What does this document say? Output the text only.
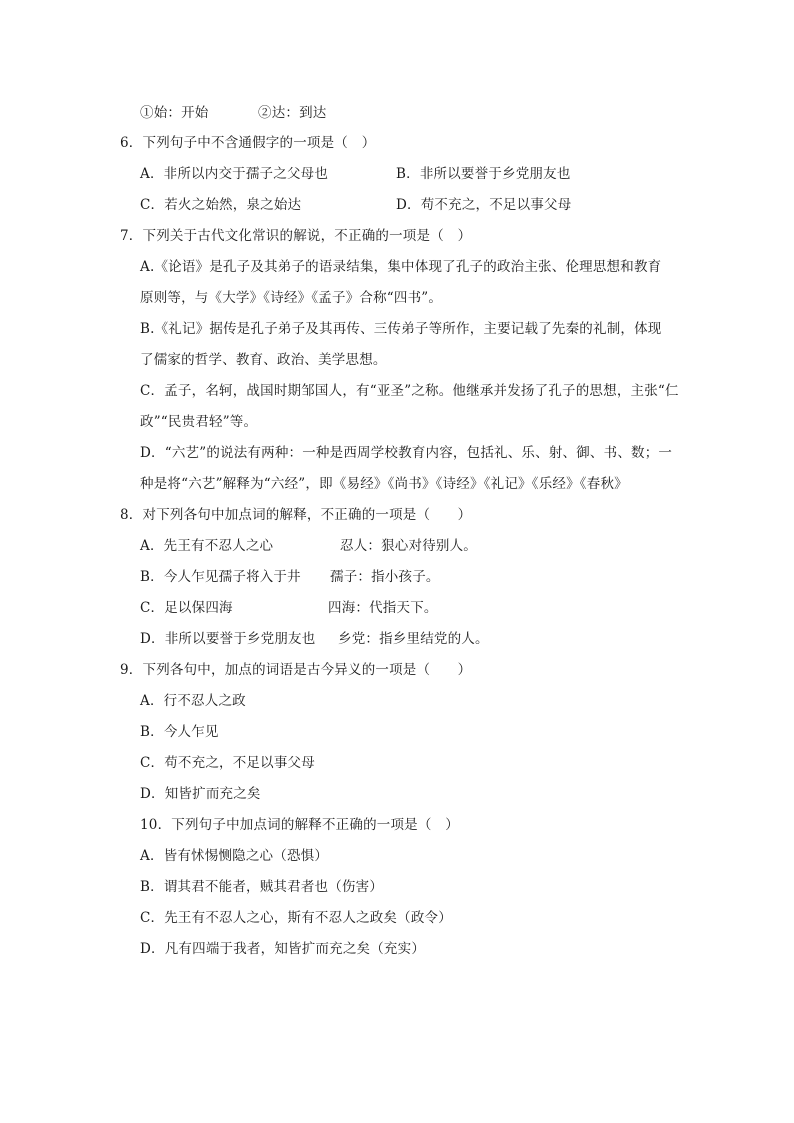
①始：开始	②达：到达
6．下列句子中不含通假字的一项是（　）
A．非所以内交于孺子之父母也	B．非所以要誉于乡党朋友也
C．若火之始然，泉之始达	D．苟不充之，不足以事父母
7．下列关于古代文化常识的解说，不正确的一项是（　）
A.《论语》是孔子及其弟子的语录结集，集中体现了孔子的政治主张、伦理思想和教育
原则等，与《大学》《诗经》《孟子》合称“四书”。
B.《礼记》据传是孔子弟子及其再传、三传弟子等所作，主要记载了先秦的礼制，体现
了儒家的哲学、教育、政治、美学思想。
C．孟子，名轲，战国时期邹国人，有“亚圣”之称。他继承并发扬了孔子的思想，主张“仁
政”“民贵君轻”等。
D．“六艺”的说法有两种：一种是西周学校教育内容，包括礼、乐、射、御、书、数；一
种是将“六艺”解释为“六经”，即《易经》《尚书》《诗经》《礼记》《乐经》《春秋》
8．对下列各句中加点词的解释，不正确的一项是（　　）
A．先王有不忍人之心	忍人：狠心对待别人。
B．今人乍见孺子将入于井 孺子：指小孩子。
C．足以保四海	四海：代指天下。
D．非所以要誉于乡党朋友也 乡党：指乡里结党的人。
9．下列各句中，加点的词语是古今异义的一项是（　　）
A．行不忍人之政
B．今人乍见
C．苟不充之，不足以事父母
D．知皆扩而充之矣
10．下列句子中加点词的解释不正确的一项是（　）
A．皆有怵惕恻隐之心（恐惧）
B．谓其君不能者，贼其君者也（伤害）
C．先王有不忍人之心，斯有不忍人之政矣（政令）
D．凡有四端于我者，知皆扩而充之矣（充实）
